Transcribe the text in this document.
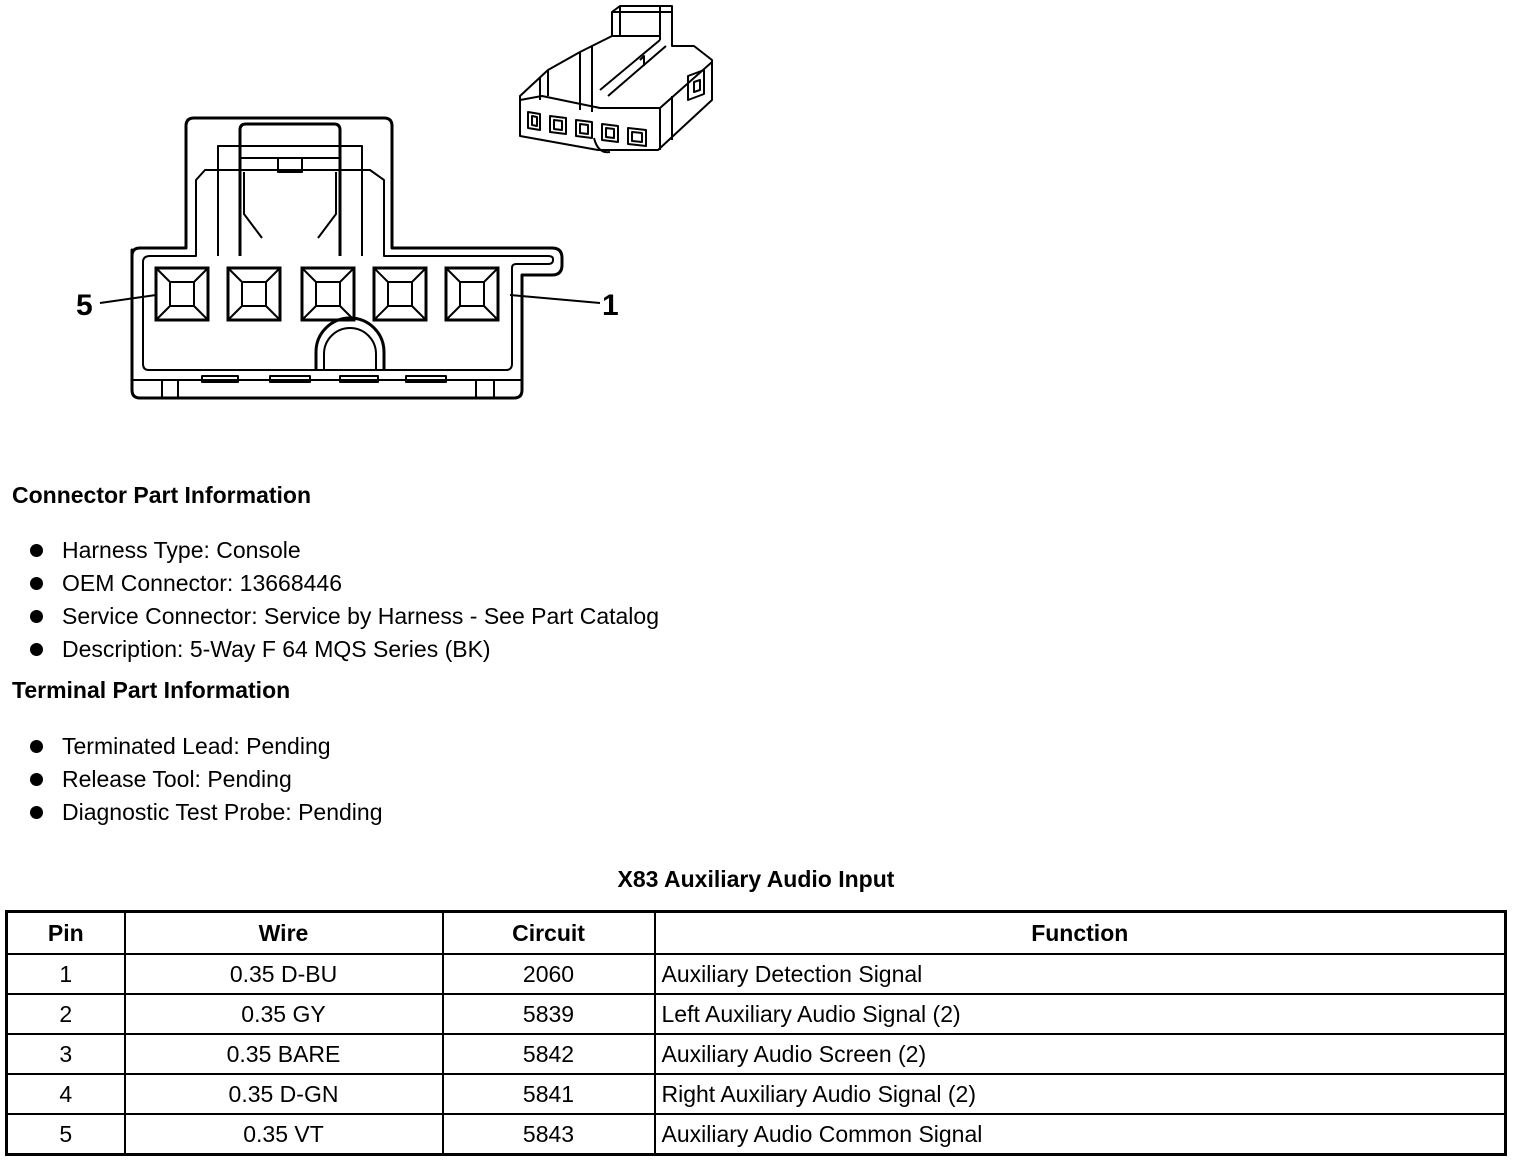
5	1
Connector Part Information
Harness Type: Console
OEM Connector: 13668446
Service Connector: Service by Harness - See Part Catalog
Description: 5-Way F 64 MQS Series (BK)
Terminal Part Information
Terminated Lead: Pending
Release Tool: Pending
Diagnostic Test Probe: Pending
X83 Auxiliary Audio Input
Pin	Wire	Circuit	Function
1	0.35 D-BU	2060	Auxiliary Detection Signal
2	0.35 GY	5839	Left Auxiliary Audio Signal (2)
3	0.35 BARE	5842	Auxiliary Audio Screen (2)
4	0.35 D-GN	5841	Right Auxiliary Audio Signal (2)
5	0.35 VT	5843	Auxiliary Audio Common Signal
